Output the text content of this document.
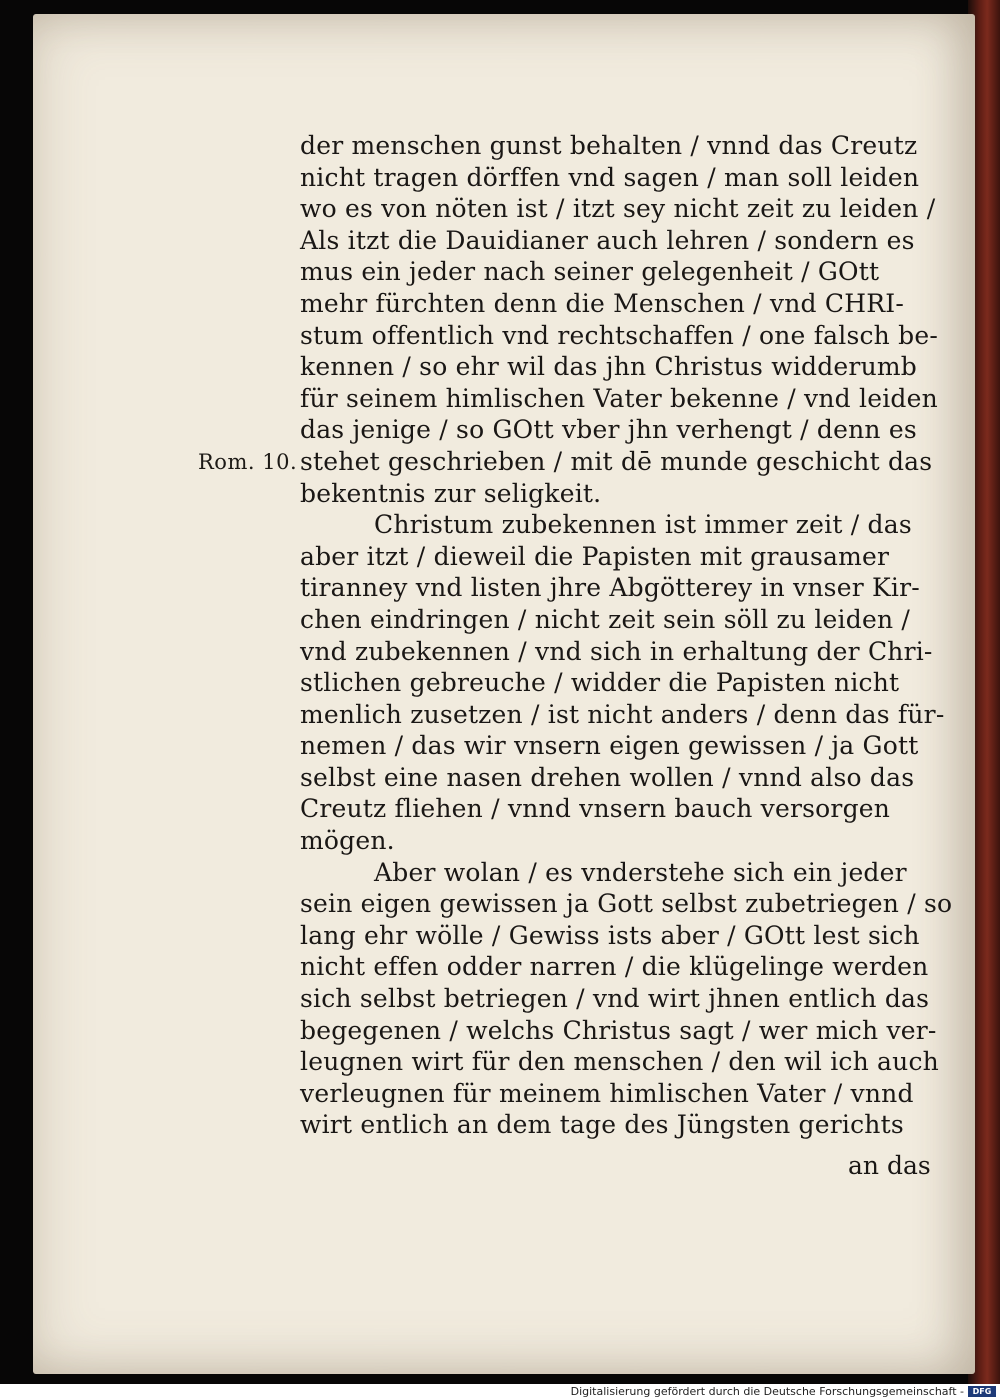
Rom. 10.
der menschen gunst behalten / vnnd das Creutz
nicht tragen dörffen vnd sagen / man soll leiden
wo es von nöten ist / itzt sey nicht zeit zu leiden /
Als itzt die Dauidianer auch lehren / sondern es
mus ein jeder nach seiner gelegenheit / GOtt
mehr fürchten denn die Menschen / vnd CHRI-
stum offentlich vnd rechtschaffen / one falsch be-
kennen / so ehr wil das jhn Christus widderumb
für seinem himlischen Vater bekenne / vnd leiden
das jenige / so GOtt vber jhn verhengt / denn es
stehet geschrieben / mit dē munde geschicht das
bekentnis zur seligkeit.
Christum zubekennen ist immer zeit / das
aber itzt / dieweil die Papisten mit grausamer
tiranney vnd listen jhre Abgötterey in vnser Kir-
chen eindringen / nicht zeit sein söll zu leiden /
vnd zubekennen / vnd sich in erhaltung der Chri-
stlichen gebreuche / widder die Papisten nicht
menlich zusetzen / ist nicht anders / denn das für-
nemen / das wir vnsern eigen gewissen / ja Gott
selbst eine nasen drehen wollen / vnnd also das
Creutz fliehen / vnnd vnsern bauch versorgen
mögen.
Aber wolan / es vnderstehe sich ein jeder
sein eigen gewissen ja Gott selbst zubetriegen / so
lang ehr wölle / Gewiss ists aber / GOtt lest sich
nicht effen odder narren / die klügelinge werden
sich selbst betriegen / vnd wirt jhnen entlich das
begegenen / welchs Christus sagt / wer mich ver-
leugnen wirt für den menschen / den wil ich auch
verleugnen für meinem himlischen Vater / vnnd
wirt entlich an dem tage des Jüngsten gerichts
an das
Digitalisierung gefördert durch die Deutsche Forschungsgemeinschaft -	DFG
